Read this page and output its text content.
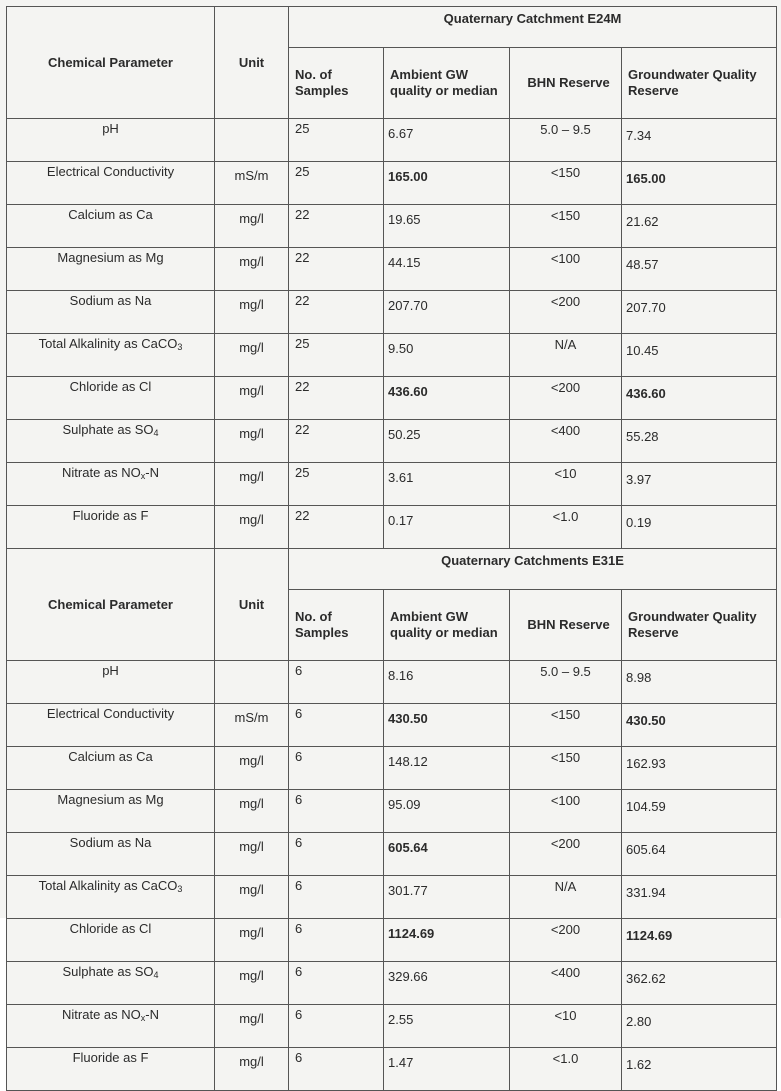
Chemical Parameter	Unit	Quaternary Catchment E24M			
		No. of Samples	Ambient GW quality or median	BHN Reserve	Groundwater Quality Reserve
pH		25	6.67	5.0 – 9.5	7.34
Electrical Conductivity	mS/m	25	165.00	<150	165.00
Calcium as Ca	mg/l	22	19.65	<150	21.62
Magnesium as Mg	mg/l	22	44.15	<100	48.57
Sodium as Na	mg/l	22	207.70	<200	207.70
Total Alkalinity as CaCO$_3$	mg/l	25	9.50	N/A	10.45
Chloride as Cl	mg/l	22	436.60	<200	436.60
Sulphate as $SO_4$	mg/l	22	50.25	<400	55.28
Nitrate as $NO_x-N$	mg/l	25	3.61	<10	3.97
Fluoride as F	mg/l	22	0.17	<1.0	0.19
Chemical Parameter	Unit	Quaternary Catchments E31E			
		No. of Samples	Ambient GW quality or median	BHN Reserve	Groundwater Quality Reserve
pH		6	8.16	5.0 – 9.5	8.98
Electrical Conductivity	mS/m	6	430.50	<150	430.50
Calcium as Ca	mg/l	6	148.12	<150	162.93
Magnesium as Mg	mg/l	6	95.09	<100	104.59
Sodium as Na	mg/l	6	605.64	<200	605.64
Total Alkalinity as CaCO$_3$	mg/l	6	301.77	N/A	331.94
Chloride as Cl	mg/l	6	1124.69	<200	1124.69
Sulphate as $SO_4$	mg/l	6	329.66	<400	362.62
Nitrate as $NO_x-N$	mg/l	6	2.55	<10	2.80
Fluoride as F	mg/l	6	1.47	<1.0	1.62
